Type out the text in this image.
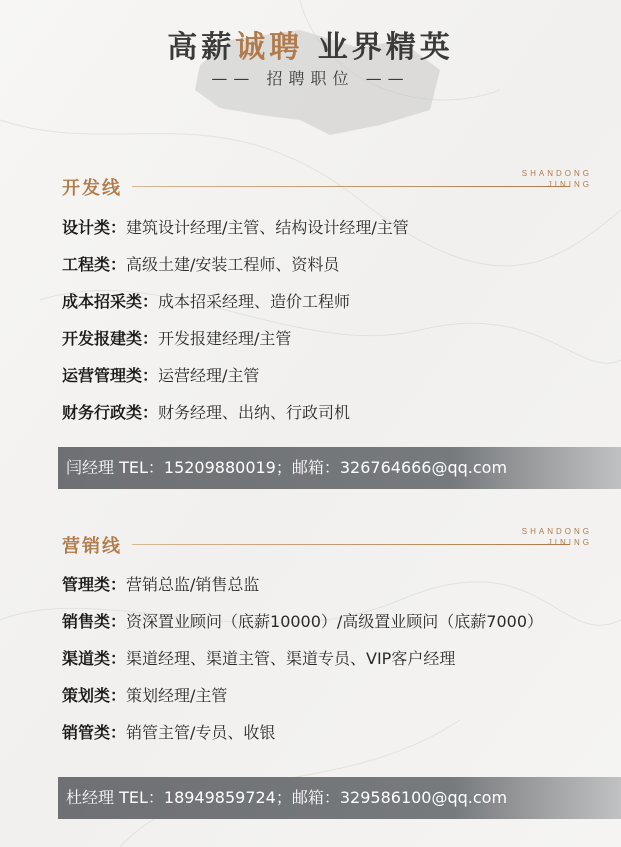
高薪诚聘 业界精英
—— 招聘职位 ——
开发线
SHANDONG
JINING
设计类：建筑设计经理/主管、结构设计经理/主管
工程类：高级土建/安装工程师、资料员
成本招采类：成本招采经理、造价工程师
开发报建类：开发报建经理/主管
运营管理类：运营经理/主管
财务行政类：财务经理、出纳、行政司机
闫经理 TEL：15209880019；邮箱：326764666@qq.com
营销线
SHANDONG
JINING
管理类：营销总监/销售总监
销售类：资深置业顾问（底薪10000）/高级置业顾问（底薪7000）
渠道类：渠道经理、渠道主管、渠道专员、VIP客户经理
策划类：策划经理/主管
销管类：销管主管/专员、收银
杜经理 TEL：18949859724；邮箱：329586100@qq.com
